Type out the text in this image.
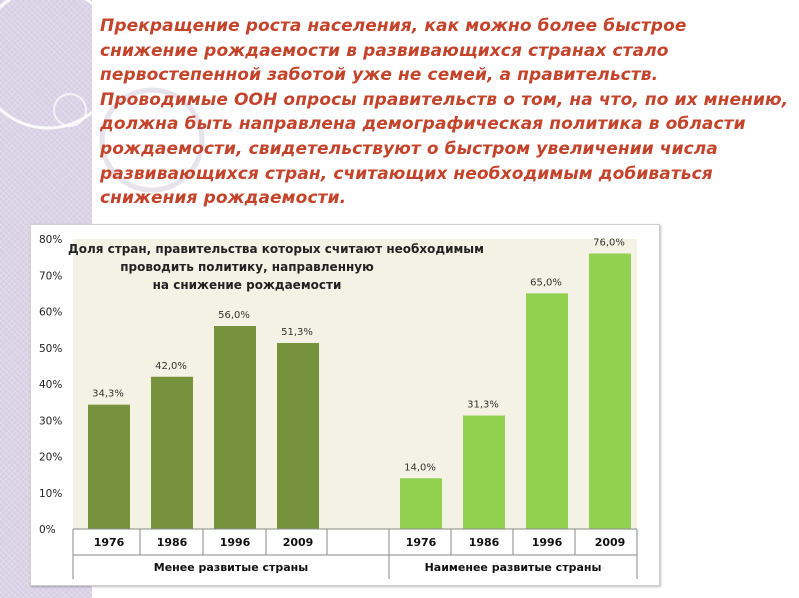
Прекращение роста населения, как можно более быстрое снижение рождаемости в развивающихся странах стало первостепенной заботой уже не семей, а правительств. Проводимые ООН опросы правительств о том, на что, по их мнению, должна быть направлена демографическая политика в области рождаемости, свидетельствуют о быстром увеличении числа развивающихся стран, считающих необходимым добиваться снижения рождаемости.
0%
10%
20%
30%
40%
50%
60%
70%
80%
Доля стран, правительства которых считают необходимым
проводить политику, направленную
на снижение рождаемости
34,3%
42,0%
56,0%
51,3%
14,0%
31,3%
65,0%
76,0%
1976	1986	1996	2009	1976	1986	1996	2009
Менее развитые страны	Наименее развитые страны
